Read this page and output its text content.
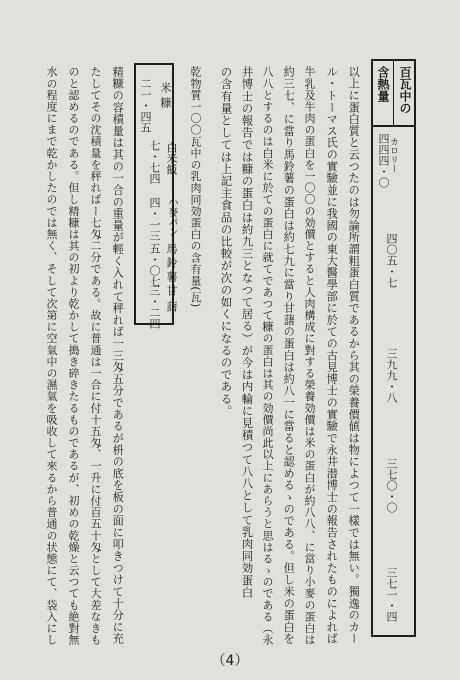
百瓦中の
含熱量
カロリー
四四四・〇
四〇五・七
三九九・八
三七〇・〇
三七一・四
以上に蛋白質と云つたのは勿論所謂粗蛋白質であるから其の榮養價値は物によつて一樣では無い。獨逸のカー
ル・トーマス氏の實驗並に我國の東大醫學部に於ての古見博士の實驗で永井潜博士の報告されたものによれば
牛乳及牛肉の蛋白を一〇〇の効價とすると人肉構成に對する榮養効價は米の蛋白が約八八、に當り小麥の蛋白は
約三七、に當り馬鈴薯の蛋白は約七九に當り甘藷の蛋白は約八一に當ると認めるゝのである。但し米の蛋白を
八八とするのは白米に於ての蛋白に就てであつて糠の蛋白は其の効價尚此以上にあらうと思はるゝのである（永
井博士の報告では糠の蛋白は約九三となつて居る）が今は内輪に見積つて八八として乳肉同効蛋白
の含有量としては上記主食品の比較が次の如くになるのである。
乾物質一〇〇瓦中の乳肉同効蛋白の含有量(瓦)
米糠
二一・四五
白米飯
七・七四
小麥パン
四・一三
馬鈴薯
五・〇七
甘藷
三・二四
精糠の容積量は其の一合の重量が輕く入れて秤れば一三匁五分であるが枡の底を板の面に叩きつけて十分に充
たしてその沈積量を秤ればー七匁二分である。故に普通は一合に付十五匁、一升に付百五十匁として大差なきも
のと認めるのである。但し精糠は其の初より乾かして搗き碎きたるものであるが、初めの乾燥と云つても絶對無
水の程度にまで乾かしたのでは無く、そして次第に空氣中の濕氣を吸收して來るから普通の状態にて、袋入にし
（4）
